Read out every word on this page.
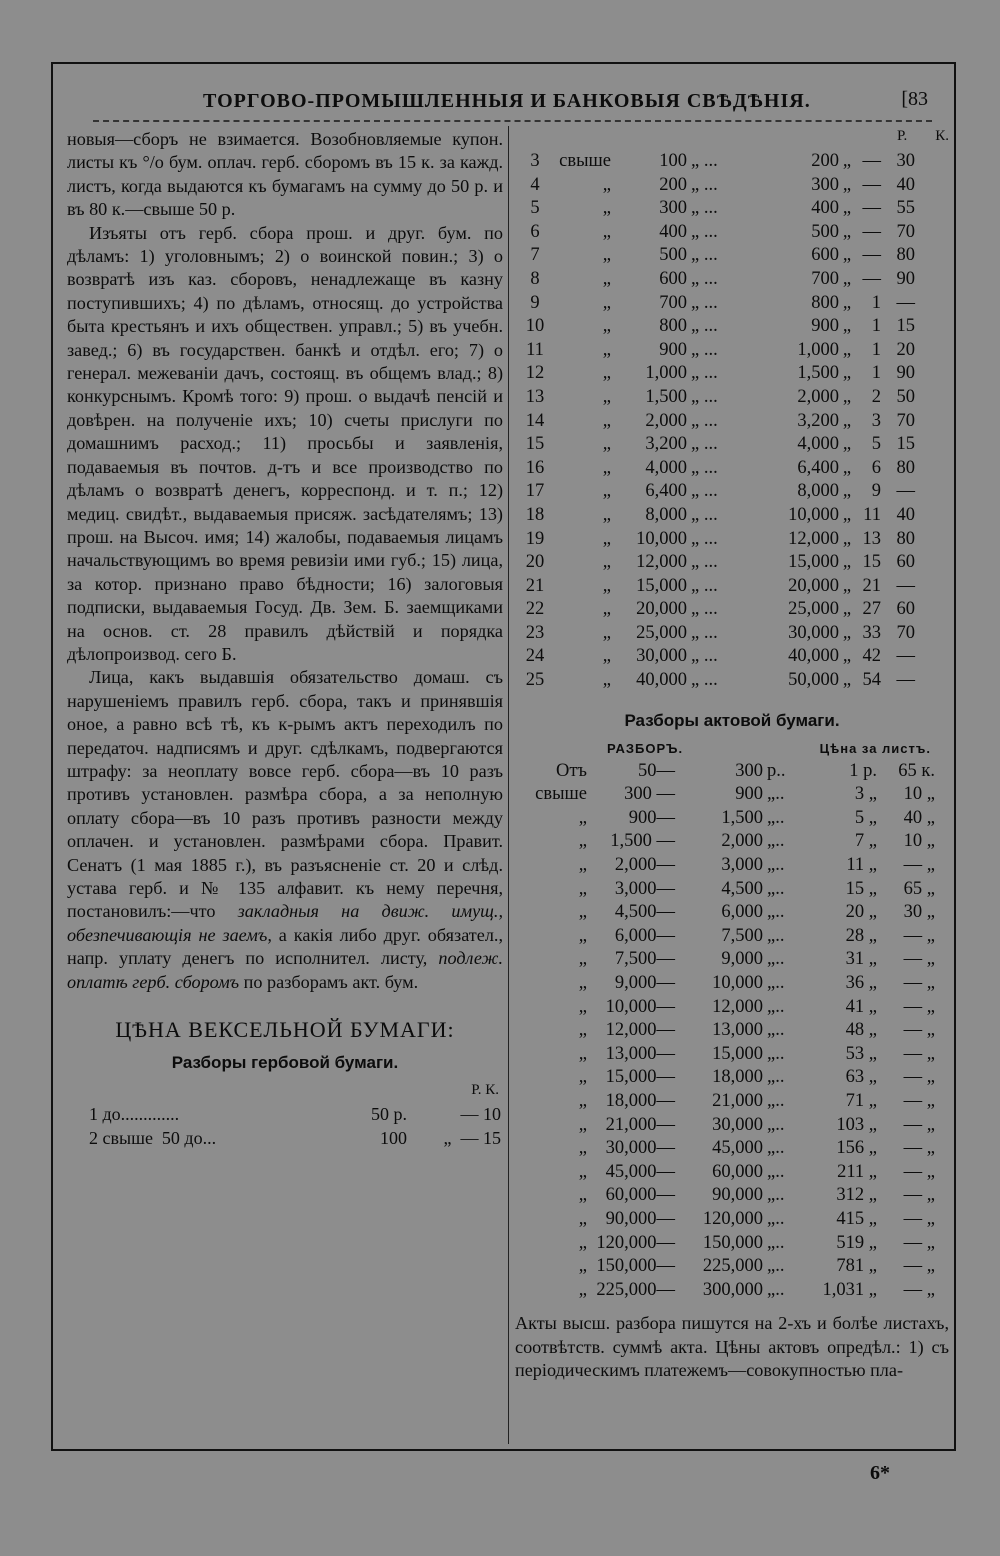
ТОРГОВО-ПРОМЫШЛЕННЫЯ И БАНКОВЫЯ СВѢДѢНІЯ.	[83

новыя—сборъ не взимается. Возобновляемые купон. листы къ °/о бум. оплач. герб. сборомъ въ 15 к. за кажд. листъ, когда выдаются къ бумагамъ на сумму до 50 р. и въ 80 к.—свыше 50 р.

Изъяты отъ герб. сбора прош. и друг. бум. по дѣламъ: 1) уголовнымъ; 2) о воинской повин.; 3) о возвратѣ изъ каз. сборовъ, ненадлежаще въ казну поступившихъ; 4) по дѣламъ, относящ. до устройства быта крестьянъ и ихъ обществен. управл.; 5) въ учебн. завед.; 6) въ государствен. банкѣ и отдѣл. его; 7) о генерал. межеваніи дачъ, состоящ. въ общемъ влад.; 8) конкурснымъ. Кромѣ того: 9) прош. о выдачѣ пенсій и довѣрен. на полученіе ихъ; 10) счеты прислуги по домашнимъ расход.; 11) просьбы и заявленія, подаваемыя въ почтов. д-тъ и все производство по дѣламъ о возвратѣ денегъ, корреспонд. и т. п.; 12) медиц. свидѣт., выдаваемыя присяж. засѣдателямъ; 13) прош. на Высоч. имя; 14) жалобы, подаваемыя лицамъ начальствующимъ во время ревизіи ими губ.; 15) лица, за котор. признано право бѣдности; 16) залоговыя подписки, выдаваемыя Госуд. Дв. Зем. Б. заемщиками на основ. ст. 28 правилъ дѣйствій и порядка дѣлопроизвод. сего Б.

Лица, какъ выдавшія обязательство домаш. съ нарушеніемъ правилъ герб. сбора, такъ и принявшія оное, а равно всѣ тѣ, къ к-рымъ актъ переходилъ по передаточ. надписямъ и друг. сдѣлкамъ, подвергаются штрафу: за неоплату вовсе герб. сбора—въ 10 разъ противъ установлен. размѣра сбора, а за неполную оплату сбора—въ 10 разъ противъ разности между оплачен. и установлен. размѣрами сбора. Правит. Сенатъ (1 мая 1885 г.), въ разъясненіе ст. 20 и слѣд. устава герб. и № 135 алфавит. къ нему перечня, постановилъ:—что закладныя на движ. имущ., обезпечивающія не заемъ, а какія либо друг. обязател., напр. уплату денегъ по исполнител. листу, подлеж. оплатѣ герб. сборомъ по разборамъ акт. бум.

ЦѢНА ВЕКСЕЛЬНОЙ БУМАГИ:
Разборы гербовой бумаги.
Р. К.
1 до.............	50 р.	— 10
2 свыше  50 до...	100	„  — 15
Р. К.
3	свыше	100 „ ...	200 „ — 30
4	„	200 „ ...	300 „ — 40
5	„	300 „ ...	400 „ — 55
6	„	400 „ ...	500 „ — 70
7	„	500 „ ...	600 „ — 80
8	„	600 „ ...	700 „ — 90
9	„	700 „ ...	800 „	1 —
10	„	800 „ ...	900 „	1 15
11	„	900 „ ...	1,000 „	1 20
12	„	1,000 „ ...	1,500 „	1 90
13	„	1,500 „ ...	2,000 „	2 50
14	„	2,000 „ ...	3,200 „	3 70
15	„	3,200 „ ...	4,000 „	5 15
16	„	4,000 „ ...	6,400 „	6 80
17	„	6,400 „ ...	8,000 „	9 —
18	„	8,000 „ ...	10,000 „ 11 40
19	„	10,000 „ ...	12,000 „ 13 80
20	„	12,000 „ ...	15,000 „ 15 60
21	„	15,000 „ ...	20,000 „ 21 —
22	„	20,000 „ ...	25,000 „ 27 60
23	„	25,000 „ ...	30,000 „ 33 70
24	„	30,000 „ ...	40,000 „ 42 —
25	„	40,000 „ ...	50,000 „ 54 —
Разборы актовой бумаги.
РАЗБОРЪ.	Цѣна за листъ.
Отъ	50—	300 р..	1 р.	65 к.
свыше	300 —	900 „..	3 „	10 „
„	900—	1,500 „..	5 „	40 „
„	1,500 —	2,000 „..	7 „	10 „
„	2,000—	3,000 „..	11 „	— „
„	3,000—	4,500 „..	15 „	65 „
„	4,500—	6,000 „..	20 „	30 „
„	6,000—	7,500 „..	28 „	— „
„	7,500—	9,000 „..	31 „	— „
„	9,000—	10,000 „..	36 „	— „
„	10,000—	12,000 „..	41 „	— „
„	12,000—	13,000 „..	48 „	— „
„	13,000—	15,000 „..	53 „	— „
„	15,000—	18,000 „..	63 „	— „
„	18,000—	21,000 „..	71 „	— „
„	21,000—	30,000 „..	103 „	— „
„	30,000—	45,000 „..	156 „	— „
„	45,000—	60,000 „..	211 „	— „
„	60,000—	90,000 „..	312 „	— „
„	90,000—	120,000 „..	415 „	— „
„ 120,000—	150,000 „..	519 „	— „
„ 150,000—	225,000 „..	781 „	— „
„ 225,000—	300,000 „..	1,031 „	— „
Акты высш. разбора пишутся на 2-хъ и болѣе листахъ, соотвѣтств. суммѣ акта. Цѣны актовъ опредѣл.: 1) съ періодическимъ платежемъ—совокупностью пла-
6*
